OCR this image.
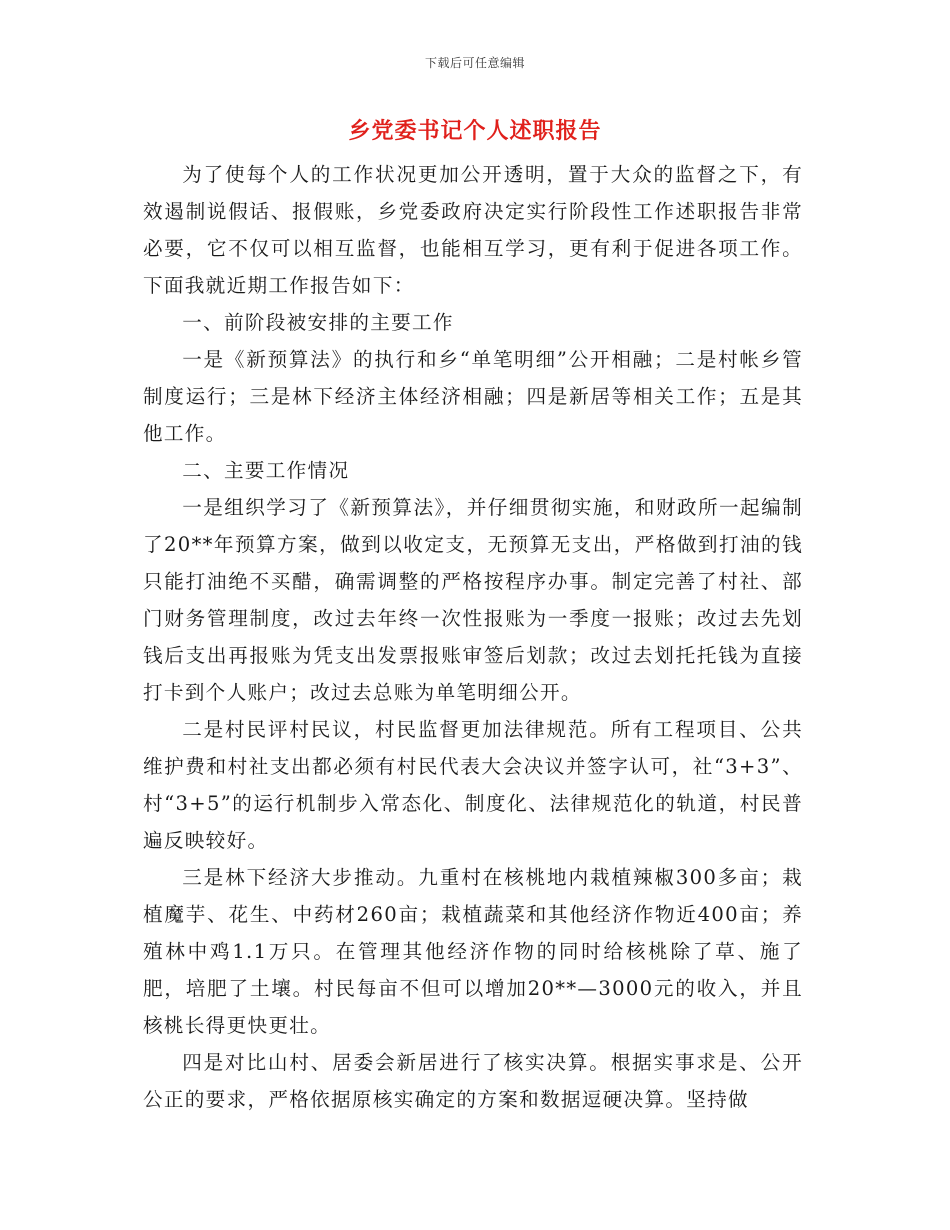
下载后可任意编辑
乡党委书记个人述职报告

为了使每个人的工作状况更加公开透明，置于大众的监督之下，有效遏制说假话、报假账，乡党委政府决定实行阶段性工作述职报告非常必要，它不仅可以相互监督，也能相互学习，更有利于促进各项工作。下面我就近期工作报告如下：

一、前阶段被安排的主要工作

一是《新预算法》的执行和乡“单笔明细”公开相融；二是村帐乡管制度运行；三是林下经济主体经济相融；四是新居等相关工作；五是其他工作。

二、主要工作情况

一是组织学习了《新预算法》，并仔细贯彻实施，和财政所一起编制了20**年预算方案，做到以收定支，无预算无支出，严格做到打油的钱只能打油绝不买醋，确需调整的严格按程序办事。制定完善了村社、部门财务管理制度，改过去年终一次性报账为一季度一报账；改过去先划钱后支出再报账为凭支出发票报账审签后划款；改过去划托托钱为直接打卡到个人账户；改过去总账为单笔明细公开。

二是村民评村民议，村民监督更加法律规范。所有工程项目、公共维护费和村社支出都必须有村民代表大会决议并签字认可，社“3+3”、村“3+5”的运行机制步入常态化、制度化、法律规范化的轨道，村民普遍反映较好。

三是林下经济大步推动。九重村在核桃地内栽植辣椒300多亩；栽植魔芋、花生、中药材260亩；栽植蔬菜和其他经济作物近400亩；养殖林中鸡1.1万只。在管理其他经济作物的同时给核桃除了草、施了肥，培肥了土壤。村民每亩不但可以增加20**—3000元的收入，并且核桃长得更快更壮。

四是对比山村、居委会新居进行了核实决算。根据实事求是、公开公正的要求，严格依据原核实确定的方案和数据逗硬决算。坚持做
